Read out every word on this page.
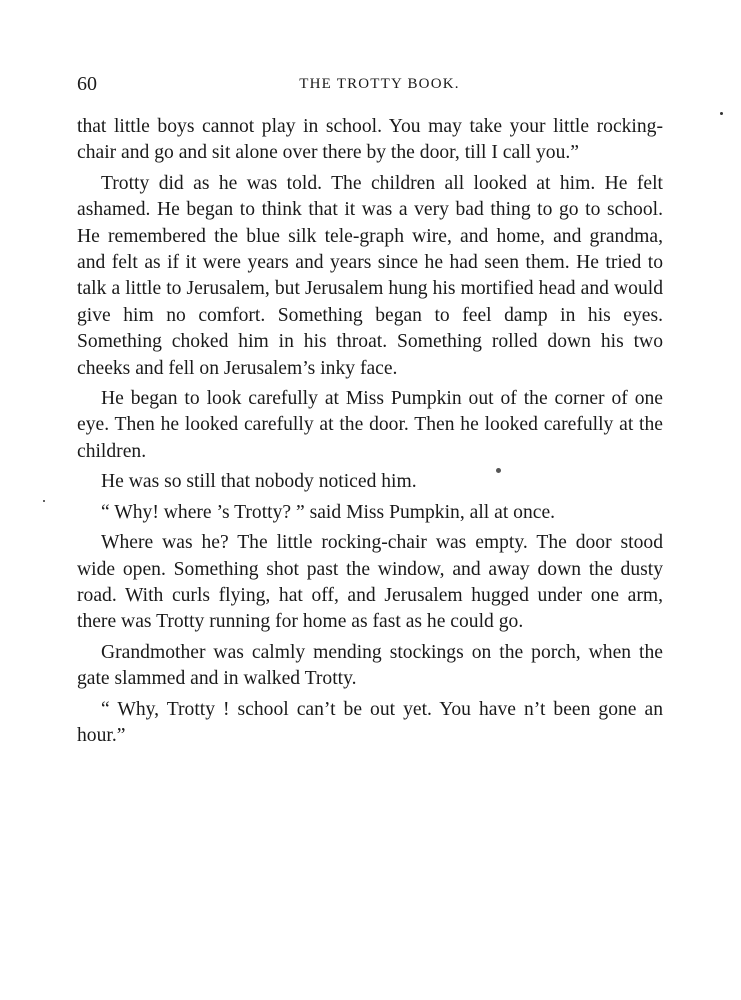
60	THE TROTTY BOOK.

that little boys cannot play in school. You may take your little rocking-chair and go and sit alone over there by the door, till I call you.”

Trotty did as he was told. The children all looked at him. He felt ashamed. He began to think that it was a very bad thing to go to school. He remembered the blue silk tele-graph wire, and home, and grandma, and felt as if it were years and years since he had seen them. He tried to talk a little to Jerusalem, but Jerusalem hung his mortified head and would give him no comfort. Something began to feel damp in his eyes. Something choked him in his throat. Something rolled down his two cheeks and fell on Jerusalem’s inky face.

He began to look carefully at Miss Pumpkin out of the corner of one eye. Then he looked carefully at the door. Then he looked carefully at the children.

He was so still that nobody noticed him.

“ Why! where ’s Trotty? ” said Miss Pumpkin, all at once.

Where was he? The little rocking-chair was empty. The door stood wide open. Something shot past the window, and away down the dusty road. With curls flying, hat off, and Jerusalem hugged under one arm, there was Trotty running for home as fast as he could go.

Grandmother was calmly mending stockings on the porch, when the gate slammed and in walked Trotty.

“ Why, Trotty ! school can’t be out yet. You have n’t been gone an hour.”
